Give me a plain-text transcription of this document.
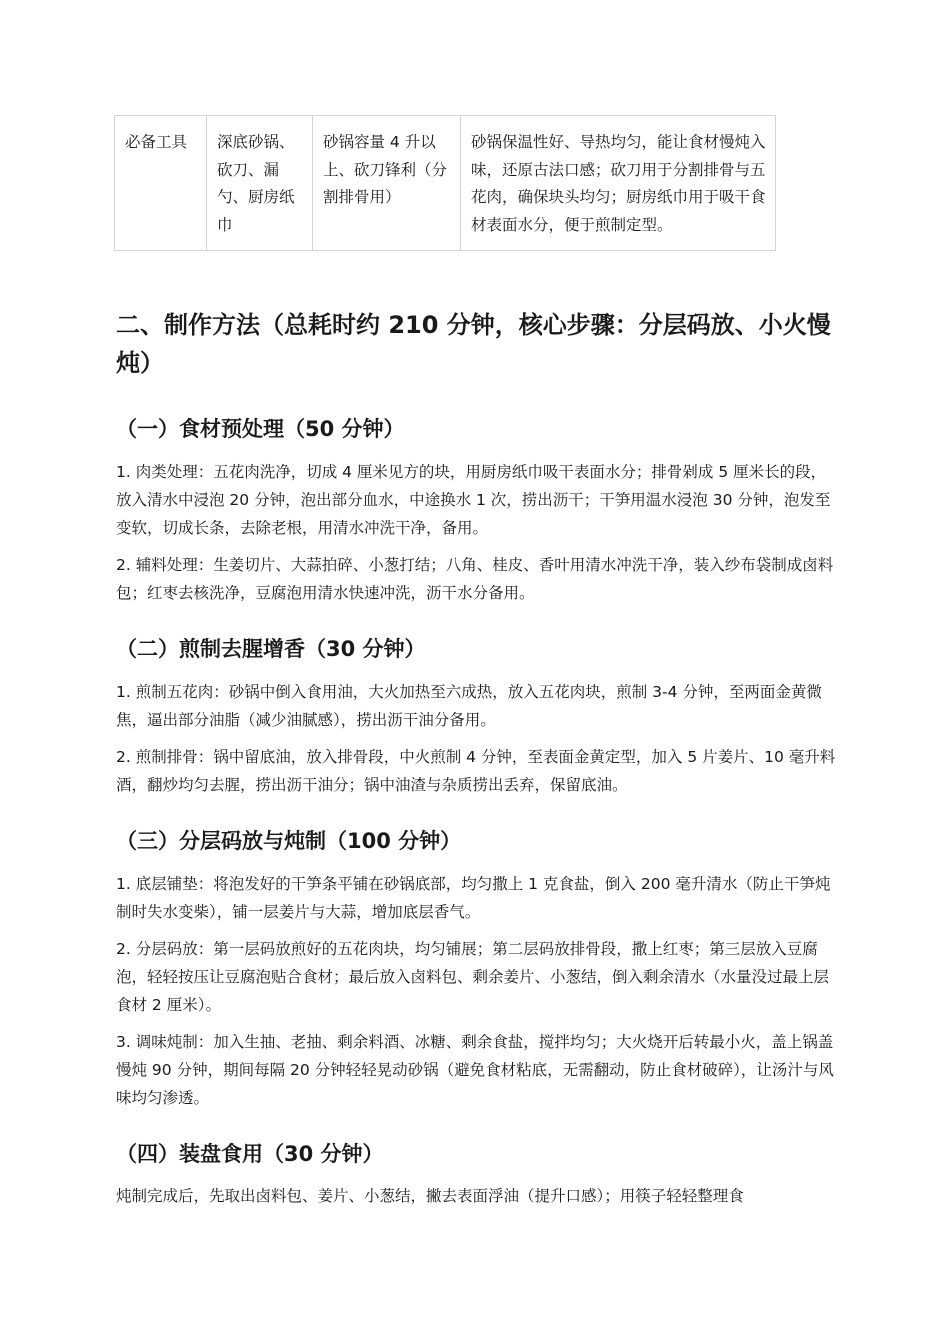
必备工具	深底砂锅、砍刀、漏勺、厨房纸巾	砂锅容量 4 升以上、砍刀锋利（分割排骨用）	砂锅保温性好、导热均匀，能让食材慢炖入味，还原古法口感；砍刀用于分割排骨与五花肉，确保块头均匀；厨房纸巾用于吸干食材表面水分，便于煎制定型。
二、制作方法（总耗时约 210 分钟，核心步骤：分层码放、小火慢炖）
（一）食材预处理（50 分钟）

1. 肉类处理：五花肉洗净，切成 4 厘米见方的块，用厨房纸巾吸干表面水分；排骨剁成 5 厘米长的段，放入清水中浸泡 20 分钟，泡出部分血水，中途换水 1 次，捞出沥干；干笋用温水浸泡 30 分钟，泡发至变软，切成长条，去除老根，用清水冲洗干净，备用。

2. 辅料处理：生姜切片、大蒜拍碎、小葱打结；八角、桂皮、香叶用清水冲洗干净，装入纱布袋制成卤料包；红枣去核洗净，豆腐泡用清水快速冲洗，沥干水分备用。

（二）煎制去腥增香（30 分钟）

1. 煎制五花肉：砂锅中倒入食用油，大火加热至六成热，放入五花肉块，煎制 3-4 分钟，至两面金黄微焦，逼出部分油脂（减少油腻感），捞出沥干油分备用。

2. 煎制排骨：锅中留底油，放入排骨段，中火煎制 4 分钟，至表面金黄定型，加入 5 片姜片、10 毫升料酒，翻炒均匀去腥，捞出沥干油分；锅中油渣与杂质捞出丢弃，保留底油。

（三）分层码放与炖制（100 分钟）

1. 底层铺垫：将泡发好的干笋条平铺在砂锅底部，均匀撒上 1 克食盐，倒入 200 毫升清水（防止干笋炖制时失水变柴），铺一层姜片与大蒜，增加底层香气。

2. 分层码放：第一层码放煎好的五花肉块，均匀铺展；第二层码放排骨段，撒上红枣；第三层放入豆腐泡，轻轻按压让豆腐泡贴合食材；最后放入卤料包、剩余姜片、小葱结，倒入剩余清水（水量没过最上层食材 2 厘米）。

3. 调味炖制：加入生抽、老抽、剩余料酒、冰糖、剩余食盐，搅拌均匀；大火烧开后转最小火，盖上锅盖慢炖 90 分钟，期间每隔 20 分钟轻轻晃动砂锅（避免食材粘底，无需翻动，防止食材破碎），让汤汁与风味均匀渗透。

（四）装盘食用（30 分钟）

炖制完成后，先取出卤料包、姜片、小葱结，撇去表面浮油（提升口感）；用筷子轻轻整理食
